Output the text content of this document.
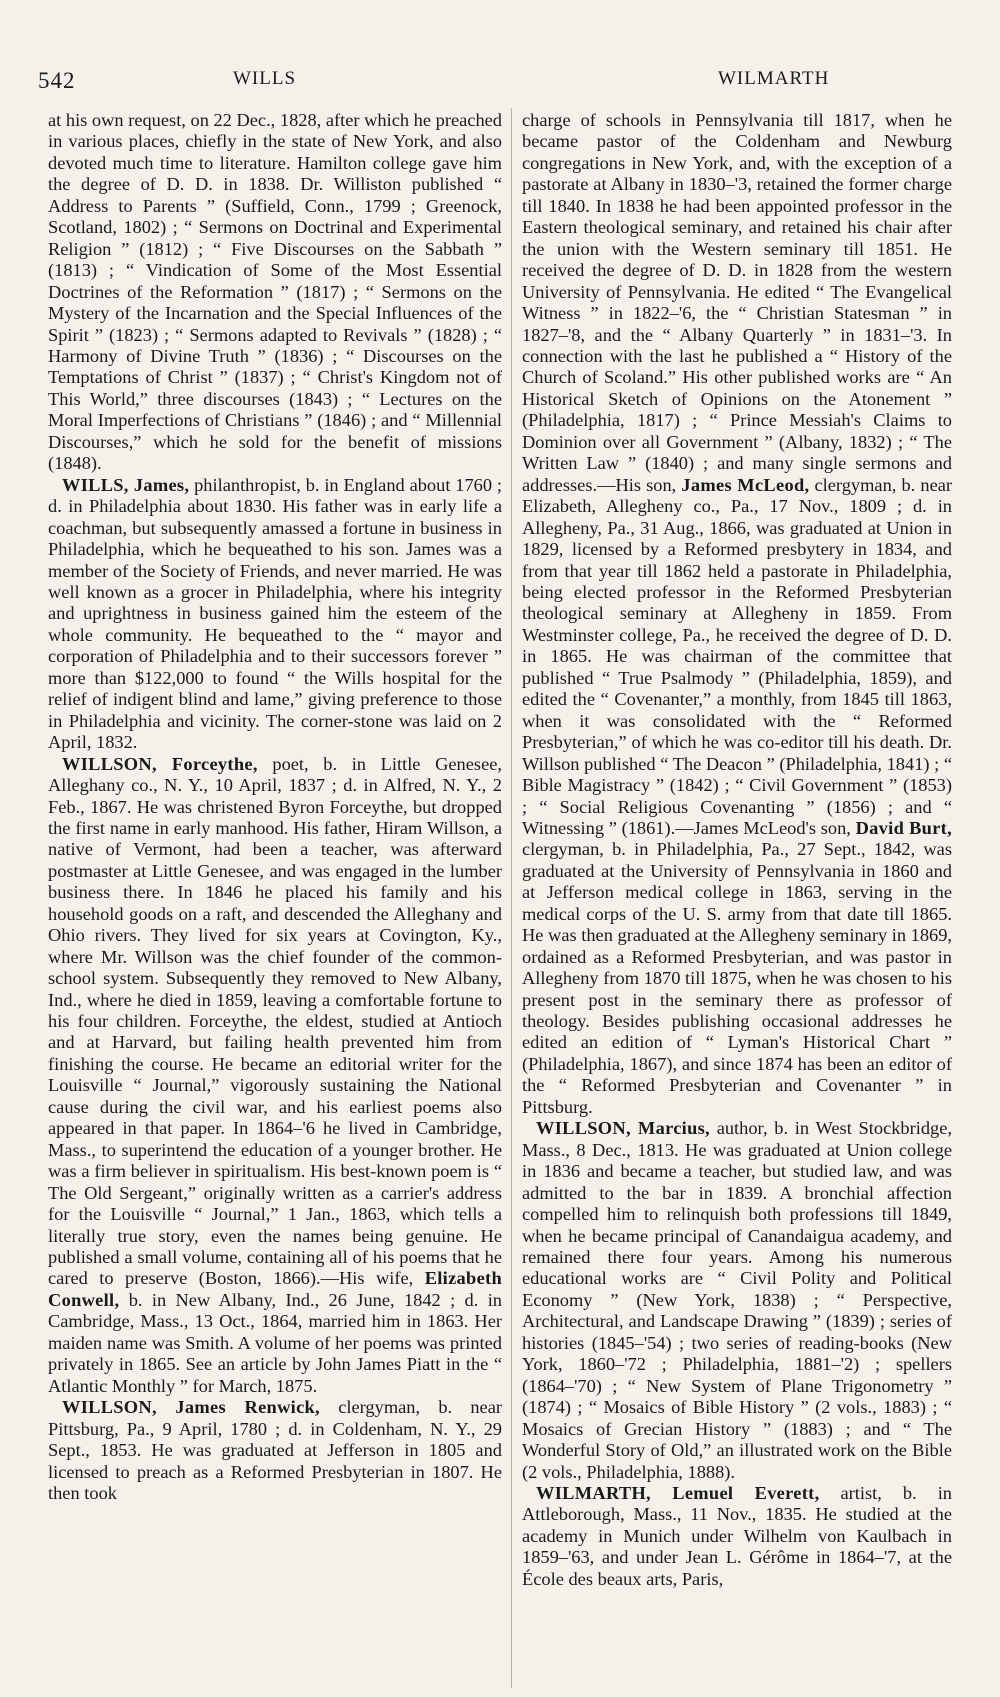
542	WILLS	WILMARTH

at his own request, on 22 Dec., 1828, after which he preached in various places, chiefly in the state of New York, and also devoted much time to literature. Hamilton college gave him the degree of D. D. in 1838. Dr. Williston published “ Address to Parents ” (Suffield, Conn., 1799 ; Greenock, Scotland, 1802) ; “ Sermons on Doctrinal and Experimental Religion ” (1812) ; “ Five Discourses on the Sabbath ” (1813) ; “ Vindication of Some of the Most Essential Doctrines of the Reformation ” (1817) ; “ Sermons on the Mystery of the Incarnation and the Special Influences of the Spirit ” (1823) ; “ Sermons adapted to Revivals ” (1828) ; “ Harmony of Divine Truth ” (1836) ; “ Discourses on the Temptations of Christ ” (1837) ; “ Christ's Kingdom not of This World,” three discourses (1843) ; “ Lectures on the Moral Imperfections of Christians ” (1846) ; and “ Millennial Discourses,” which he sold for the benefit of missions (1848).

WILLS, James, philanthropist, b. in England about 1760 ; d. in Philadelphia about 1830. His father was in early life a coachman, but subsequently amassed a fortune in business in Philadelphia, which he bequeathed to his son. James was a member of the Society of Friends, and never married. He was well known as a grocer in Philadelphia, where his integrity and uprightness in business gained him the esteem of the whole community. He bequeathed to the “ mayor and corporation of Philadelphia and to their successors forever ” more than $122,000 to found “ the Wills hospital for the relief of indigent blind and lame,” giving preference to those in Philadelphia and vicinity. The corner-stone was laid on 2 April, 1832.

WILLSON, Forceythe, poet, b. in Little Genesee, Alleghany co., N. Y., 10 April, 1837 ; d. in Alfred, N. Y., 2 Feb., 1867. He was christened Byron Forceythe, but dropped the first name in early manhood. His father, Hiram Willson, a native of Vermont, had been a teacher, was afterward postmaster at Little Genesee, and was engaged in the lumber business there. In 1846 he placed his family and his household goods on a raft, and descended the Alleghany and Ohio rivers. They lived for six years at Covington, Ky., where Mr. Willson was the chief founder of the common-school system. Subsequently they removed to New Albany, Ind., where he died in 1859, leaving a comfortable fortune to his four children. Forceythe, the eldest, studied at Antioch and at Harvard, but failing health prevented him from finishing the course. He became an editorial writer for the Louisville “ Journal,” vigorously sustaining the National cause during the civil war, and his earliest poems also appeared in that paper. In 1864–'6 he lived in Cambridge, Mass., to superintend the education of a younger brother. He was a firm believer in spiritualism. His best-known poem is “ The Old Sergeant,” originally written as a carrier's address for the Louisville “ Journal,” 1 Jan., 1863, which tells a literally true story, even the names being genuine. He published a small volume, containing all of his poems that he cared to preserve (Boston, 1866).—His wife, Elizabeth Conwell, b. in New Albany, Ind., 26 June, 1842 ; d. in Cambridge, Mass., 13 Oct., 1864, married him in 1863. Her maiden name was Smith. A volume of her poems was printed privately in 1865. See an article by John James Piatt in the “ Atlantic Monthly ” for March, 1875.

WILLSON, James Renwick, clergyman, b. near Pittsburg, Pa., 9 April, 1780 ; d. in Coldenham, N. Y., 29 Sept., 1853. He was graduated at Jefferson in 1805 and licensed to preach as a Reformed Presbyterian in 1807. He then took

charge of schools in Pennsylvania till 1817, when he became pastor of the Coldenham and Newburg congregations in New York, and, with the exception of a pastorate at Albany in 1830–'3, retained the former charge till 1840. In 1838 he had been appointed professor in the Eastern theological seminary, and retained his chair after the union with the Western seminary till 1851. He received the degree of D. D. in 1828 from the western University of Pennsylvania. He edited “ The Evangelical Witness ” in 1822–'6, the “ Christian Statesman ” in 1827–'8, and the “ Albany Quarterly ” in 1831–'3. In connection with the last he published a “ History of the Church of Scoland.” His other published works are “ An Historical Sketch of Opinions on the Atonement ” (Philadelphia, 1817) ; “ Prince Messiah's Claims to Dominion over all Government ” (Albany, 1832) ; “ The Written Law ” (1840) ; and many single sermons and addresses.—His son, James McLeod, clergyman, b. near Elizabeth, Allegheny co., Pa., 17 Nov., 1809 ; d. in Allegheny, Pa., 31 Aug., 1866, was graduated at Union in 1829, licensed by a Reformed presbytery in 1834, and from that year till 1862 held a pastorate in Philadelphia, being elected professor in the Reformed Presbyterian theological seminary at Allegheny in 1859. From Westminster college, Pa., he received the degree of D. D. in 1865. He was chairman of the committee that published “ True Psalmody ” (Philadelphia, 1859), and edited the “ Covenanter,” a monthly, from 1845 till 1863, when it was consolidated with the “ Reformed Presbyterian,” of which he was co-editor till his death. Dr. Willson published “ The Deacon ” (Philadelphia, 1841) ; “ Bible Magistracy ” (1842) ; “ Civil Government ” (1853) ; “ Social Religious Covenanting ” (1856) ; and “ Witnessing ” (1861).—James McLeod's son, David Burt, clergyman, b. in Philadelphia, Pa., 27 Sept., 1842, was graduated at the University of Pennsylvania in 1860 and at Jefferson medical college in 1863, serving in the medical corps of the U. S. army from that date till 1865. He was then graduated at the Allegheny seminary in 1869, ordained as a Reformed Presbyterian, and was pastor in Allegheny from 1870 till 1875, when he was chosen to his present post in the seminary there as professor of theology. Besides publishing occasional addresses he edited an edition of “ Lyman's Historical Chart ” (Philadelphia, 1867), and since 1874 has been an editor of the “ Reformed Presbyterian and Covenanter ” in Pittsburg.

WILLSON, Marcius, author, b. in West Stockbridge, Mass., 8 Dec., 1813. He was graduated at Union college in 1836 and became a teacher, but studied law, and was admitted to the bar in 1839. A bronchial affection compelled him to relinquish both professions till 1849, when he became principal of Canandaigua academy, and remained there four years. Among his numerous educational works are “ Civil Polity and Political Economy ” (New York, 1838) ; “ Perspective, Architectural, and Landscape Drawing ” (1839) ; series of histories (1845–'54) ; two series of reading-books (New York, 1860–'72 ; Philadelphia, 1881–'2) ; spellers (1864–'70) ; “ New System of Plane Trigonometry ” (1874) ; “ Mosaics of Bible History ” (2 vols., 1883) ; “ Mosaics of Grecian History ” (1883) ; and “ The Wonderful Story of Old,” an illustrated work on the Bible (2 vols., Philadelphia, 1888).

WILMARTH, Lemuel Everett, artist, b. in Attleborough, Mass., 11 Nov., 1835. He studied at the academy in Munich under Wilhelm von Kaulbach in 1859–'63, and under Jean L. Gérôme in 1864–'7, at the École des beaux arts, Paris,
